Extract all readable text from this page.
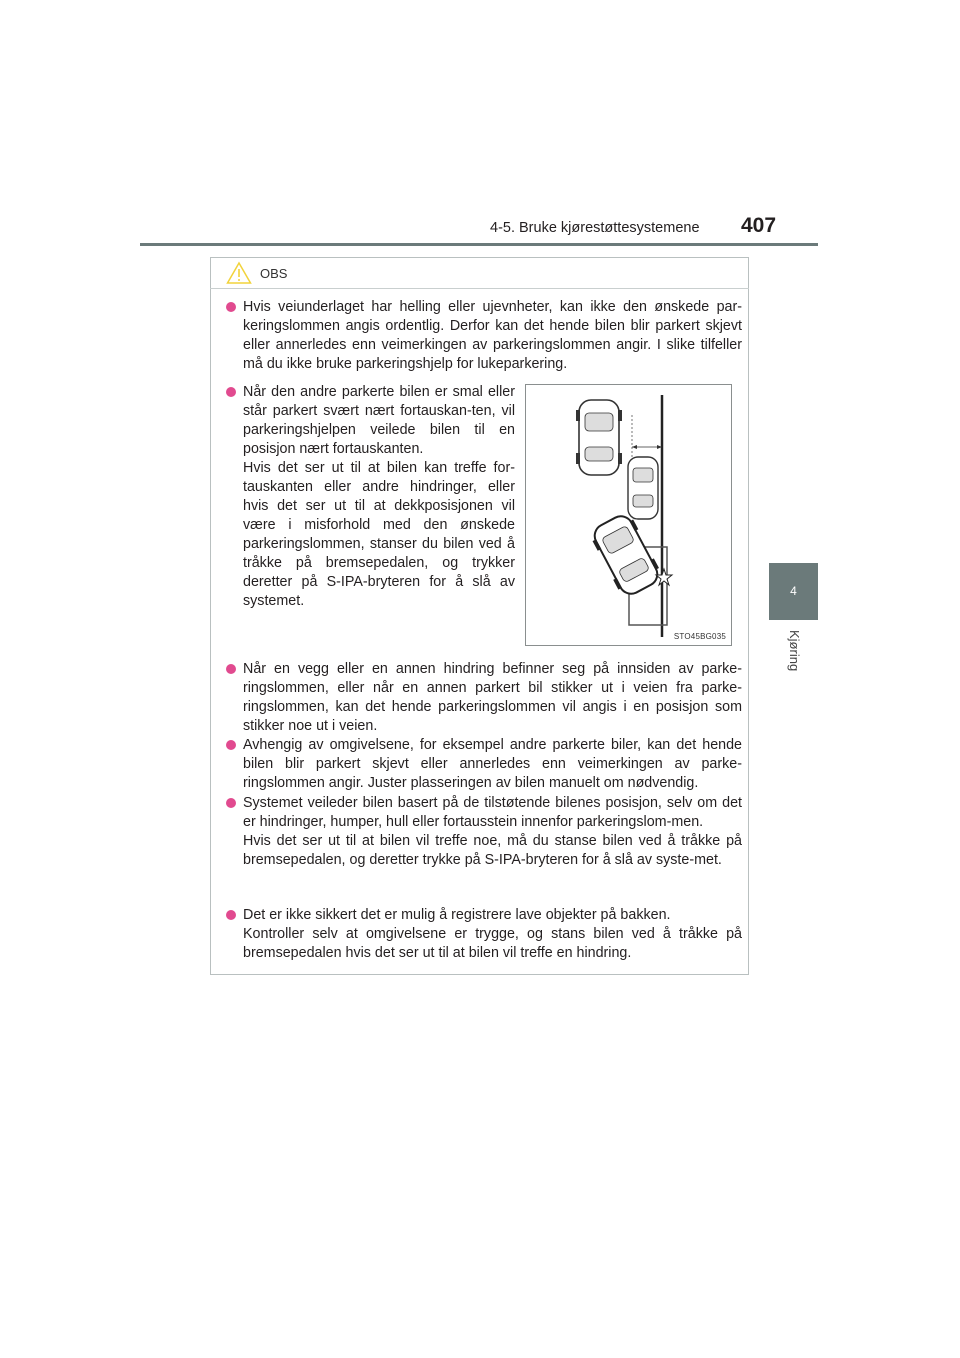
4-5. Bruke kjørestøttesystemene 407
4
Kjøring
OBS
Hvis veiunderlaget har helling eller ujevnheter, kan ikke den ønskede par-keringslommen angis ordentlig. Derfor kan det hende bilen blir parkert skjevt eller annerledes enn veimerkingen av parkeringslommen angir. I slike tilfeller må du ikke bruke parkeringshjelp for lukeparkering.
Når den andre parkerte bilen er smal eller står parkert svært nært fortauskan-ten, vil parkeringshjelpen veilede bilen til en posisjon nært fortauskanten.
Hvis det ser ut til at bilen kan treffe for-tauskanten eller andre hindringer, eller hvis det ser ut til at dekkposisjonen vil være i misforhold med den ønskede parkeringslommen, stanser du bilen ved å tråkke på bremsepedalen, og trykker deretter på S-IPA-bryteren for å slå av systemet.
STO45BG035
Når en vegg eller en annen hindring befinner seg på innsiden av parke-ringslommen, eller når en annen parkert bil stikker ut i veien fra parke-ringslommen, kan det hende parkeringslommen vil angis i en posisjon som stikker noe ut i veien.
Avhengig av omgivelsene, for eksempel andre parkerte biler, kan det hende bilen blir parkert skjevt eller annerledes enn veimerkingen av parke-ringslommen angir. Juster plasseringen av bilen manuelt om nødvendig.
Systemet veileder bilen basert på de tilstøtende bilenes posisjon, selv om det er hindringer, humper, hull eller fortausstein innenfor parkeringslom-men.
Hvis det ser ut til at bilen vil treffe noe, må du stanse bilen ved å tråkke på bremsepedalen, og deretter trykke på S-IPA-bryteren for å slå av syste-met.
Det er ikke sikkert det er mulig å registrere lave objekter på bakken.
Kontroller selv at omgivelsene er trygge, og stans bilen ved å tråkke på bremsepedalen hvis det ser ut til at bilen vil treffe en hindring.
